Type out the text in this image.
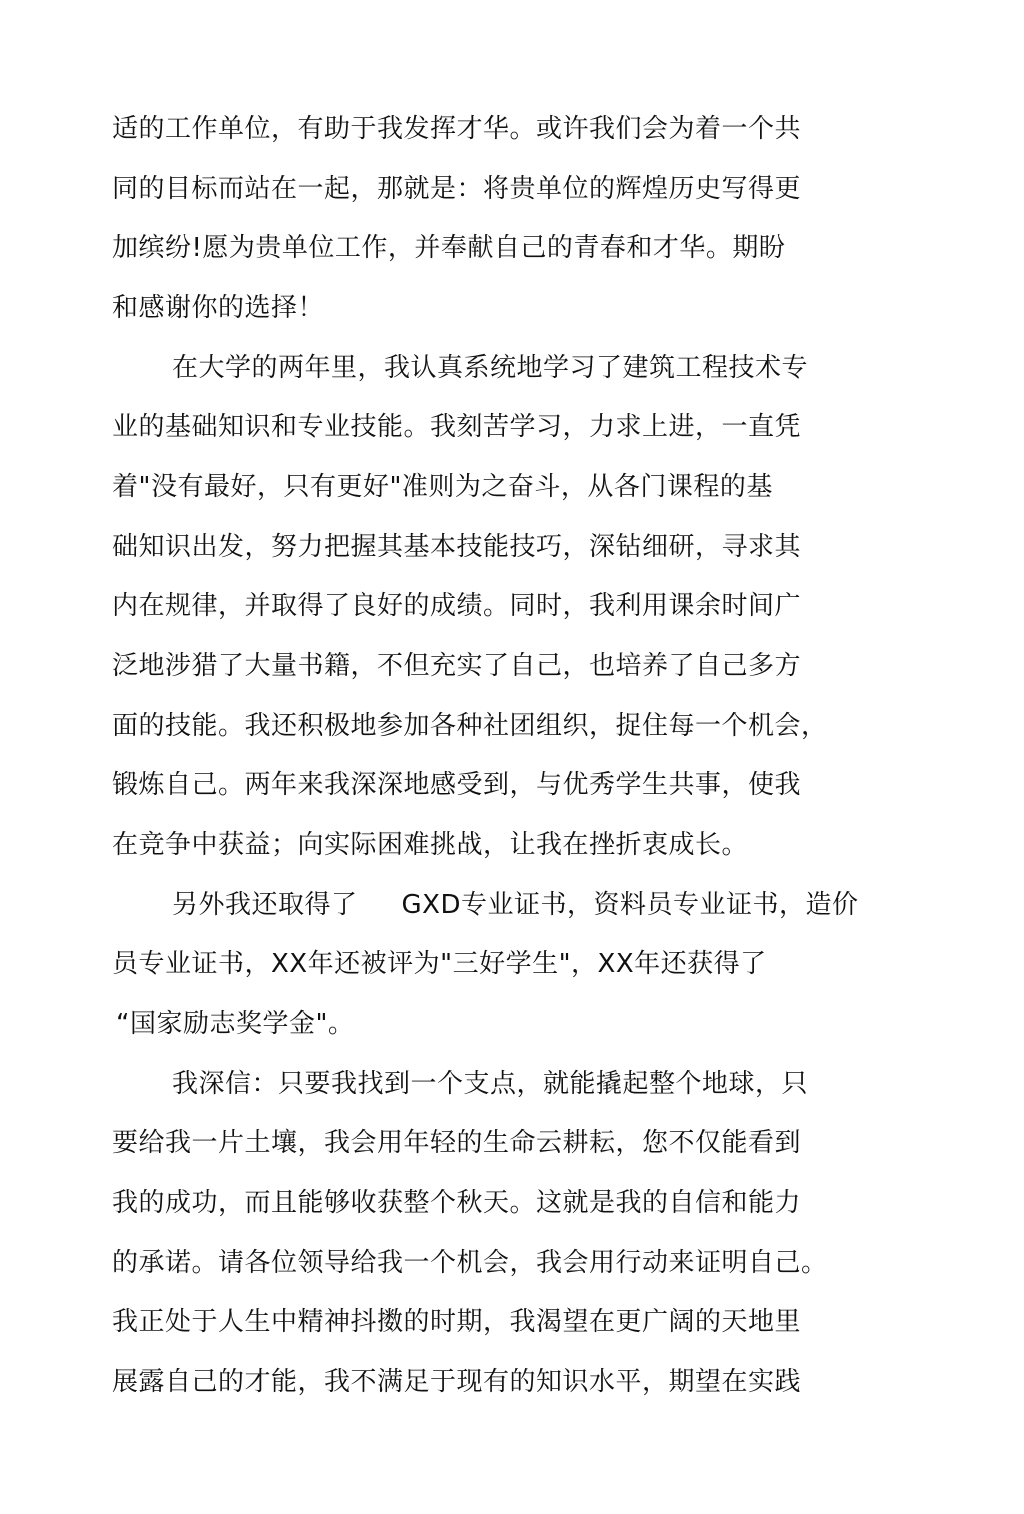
适的工作单位，有助于我发挥才华。或许我们会为着一个共
同的目标而站在一起，那就是：将贵单位的辉煌历史写得更
加缤纷!愿为贵单位工作，并奉献自己的青春和才华。期盼
和感谢你的选择！
在大学的两年里，我认真系统地学习了建筑工程技术专
业的基础知识和专业技能。我刻苦学习，力求上进，一直凭
着"没有最好，只有更好"准则为之奋斗，从各门课程的基
础知识出发，努力把握其基本技能技巧，深钻细研，寻求其
内在规律，并取得了良好的成绩。同时，我利用课余时间广
泛地涉猎了大量书籍，不但充实了自己，也培养了自己多方
面的技能。我还积极地参加各种社团组织，捉住每一个机会，
锻炼自己。两年来我深深地感受到，与优秀学生共事，使我
在竞争中获益；向实际困难挑战，让我在挫折衷成长。
另外我还取得了 GXD专业证书，资料员专业证书，造价
员专业证书，XX年还被评为"三好学生"，XX年还获得了
“国家励志奖学金"。
我深信：只要我找到一个支点，就能撬起整个地球，只
要给我一片土壤，我会用年轻的生命云耕耘，您不仅能看到
我的成功，而且能够收获整个秋天。这就是我的自信和能力
的承诺。请各位领导给我一个机会，我会用行动来证明自己。
我正处于人生中精神抖擞的时期，我渴望在更广阔的天地里
展露自己的才能，我不满足于现有的知识水平，期望在实践
